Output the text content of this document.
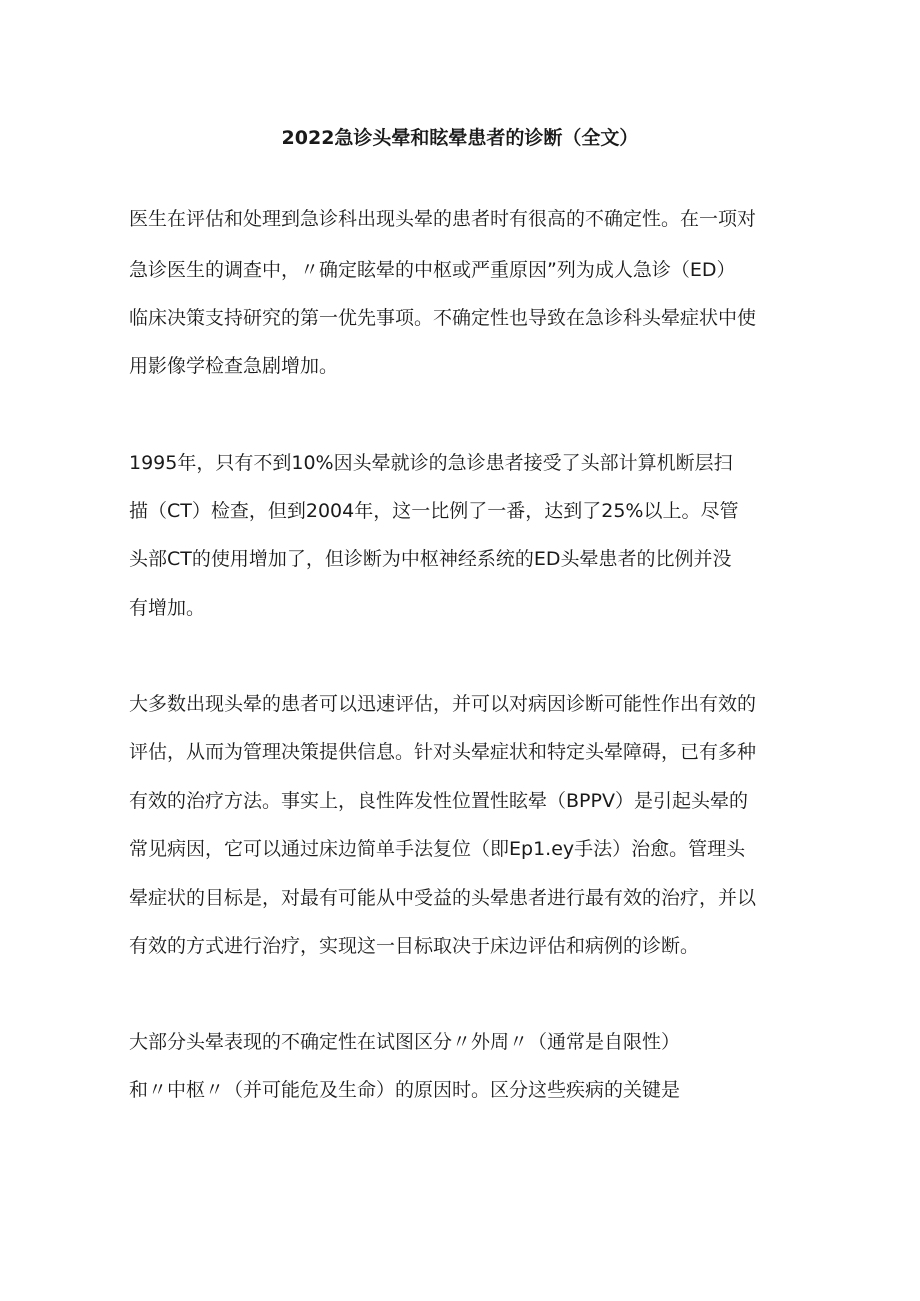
2022急诊头晕和眩晕患者的诊断（全文）
医生在评估和处理到急诊科出现头晕的患者时有很高的不确定性。在一项对
急诊医生的调查中，〃确定眩晕的中枢或严重原因”列为成人急诊（ED）
临床决策支持研究的第一优先事项。不确定性也导致在急诊科头晕症状中使
用影像学检查急剧增加。
1995年，只有不到10%因头晕就诊的急诊患者接受了头部计算机断层扫
描（CT）检查，但到2004年，这一比例了一番，达到了25%以上。尽管
头部CT的使用增加了，但诊断为中枢神经系统的ED头晕患者的比例并没
有增加。
大多数出现头晕的患者可以迅速评估，并可以对病因诊断可能性作出有效的
评估，从而为管理决策提供信息。针对头晕症状和特定头晕障碍，已有多种
有效的治疗方法。事实上，良性阵发性位置性眩晕（BPPV）是引起头晕的
常见病因，它可以通过床边简单手法复位（即Ep1.ey手法）治愈。管理头
晕症状的目标是，对最有可能从中受益的头晕患者进行最有效的治疗，并以
有效的方式进行治疗，实现这一目标取决于床边评估和病例的诊断。
大部分头晕表现的不确定性在试图区分〃外周〃（通常是自限性）
和〃中枢〃（并可能危及生命）的原因时。区分这些疾病的关键是
